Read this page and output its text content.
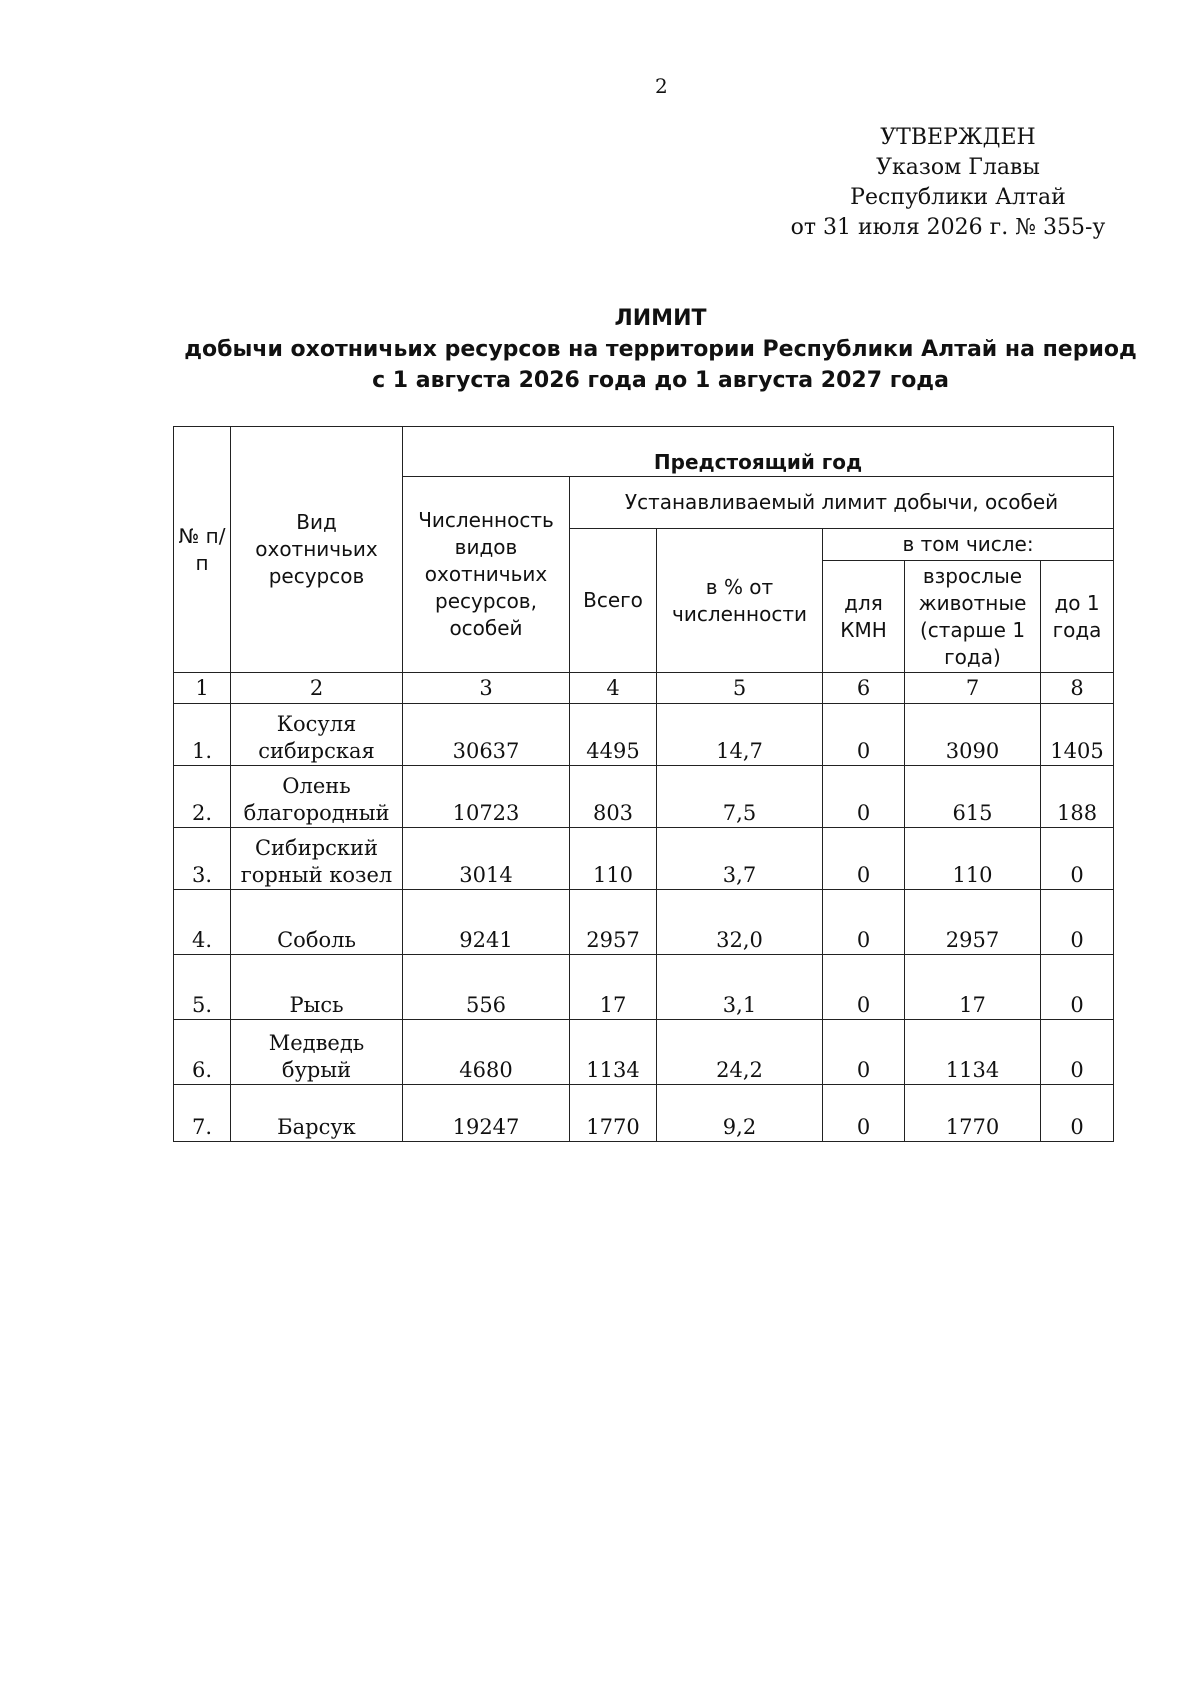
2
УТВЕРЖДЕН
Указом Главы
Республики Алтай
от 31 июля 2026 г. № 355-у
ЛИМИТ
добычи охотничьих ресурсов на территории Республики Алтай на период
с 1 августа 2026 года до 1 августа 2027 года
№ п/п	Вид охотничьих ресурсов	Предстоящий год					
		Численность видов охотничьих ресурсов, особей	Устанавливаемый лимит добычи, особей				
			Всего	в % от численности	в том числе:		
					для КМН	взрослые животные (старше 1 года)	до 1 года
1	2	3	4	5	6	7	8
1.	Косуля сибирская	30637	4495	14,7	0	3090	1405
2.	Олень благородный	10723	803	7,5	0	615	188
3.	Сибирский горный козел	3014	110	3,7	0	110	0
4.	Соболь	9241	2957	32,0	0	2957	0
5.	Рысь	556	17	3,1	0	17	0
6.	Медведь бурый	4680	1134	24,2	0	1134	0
7.	Барсук	19247	1770	9,2	0	1770	0
